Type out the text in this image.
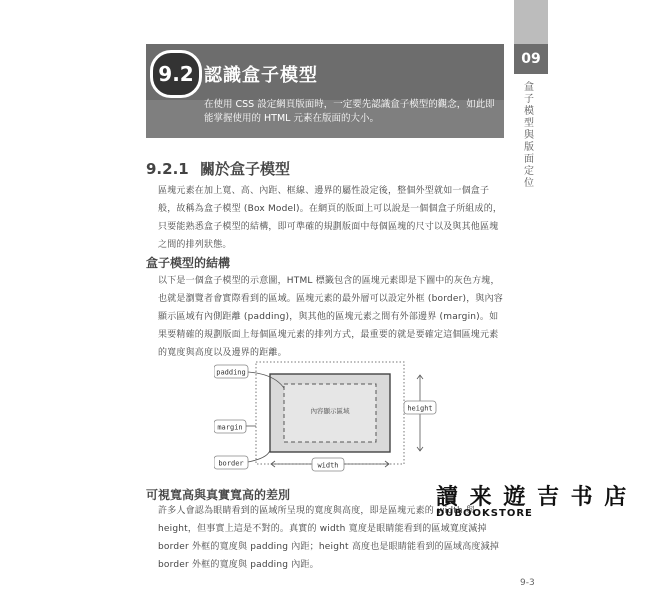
09
盒子模型與版面定位
9.2 認識盒子模型
在使用 CSS 設定網頁版面時，一定要先認識盒子模型的觀念，如此即能掌握使用的 HTML 元素在版面的大小。
9.2.1 關於盒子模型
區塊元素在加上寬、高、內距、框線、邊界的屬性設定後，整個外型就如一個盒子般，故稱為盒子模型 (Box Model)。在網頁的版面上可以說是一個個盒子所組成的，只要能熟悉盒子模型的結構，即可準確的規劃版面中每個區塊的尺寸以及與其他區塊之間的排列狀態。
盒子模型的結構
以下是一個盒子模型的示意圖，HTML 標籤包含的區塊元素即是下圖中的灰色方塊，也就是瀏覽者會實際看到的區域。區塊元素的最外層可以設定外框 (border)，與內容顯示區域有內側距離 (padding)，與其他的區塊元素之間有外部邊界 (margin)。如果要精確的規劃版面上每個區塊元素的排列方式，最重要的就是要確定這個區塊元素的寬度與高度以及邊界的距離。
內容顯示區域
padding
margin
border
height
width
可視寬高與真實寬高的差別
許多人會認為眼睛看到的區域所呈現的寬度與高度，即是區塊元素的 width 與 height，但事實上這是不對的。真實的 width 寬度是眼睛能看到的區域寬度減掉 border 外框的寬度與 padding 內距；height 高度也是眼睛能看到的區域高度減掉 border 外框的寬度與 padding 內距。
讀 来 遊 吉 书 店
DUBOOKSTORE
9-3
